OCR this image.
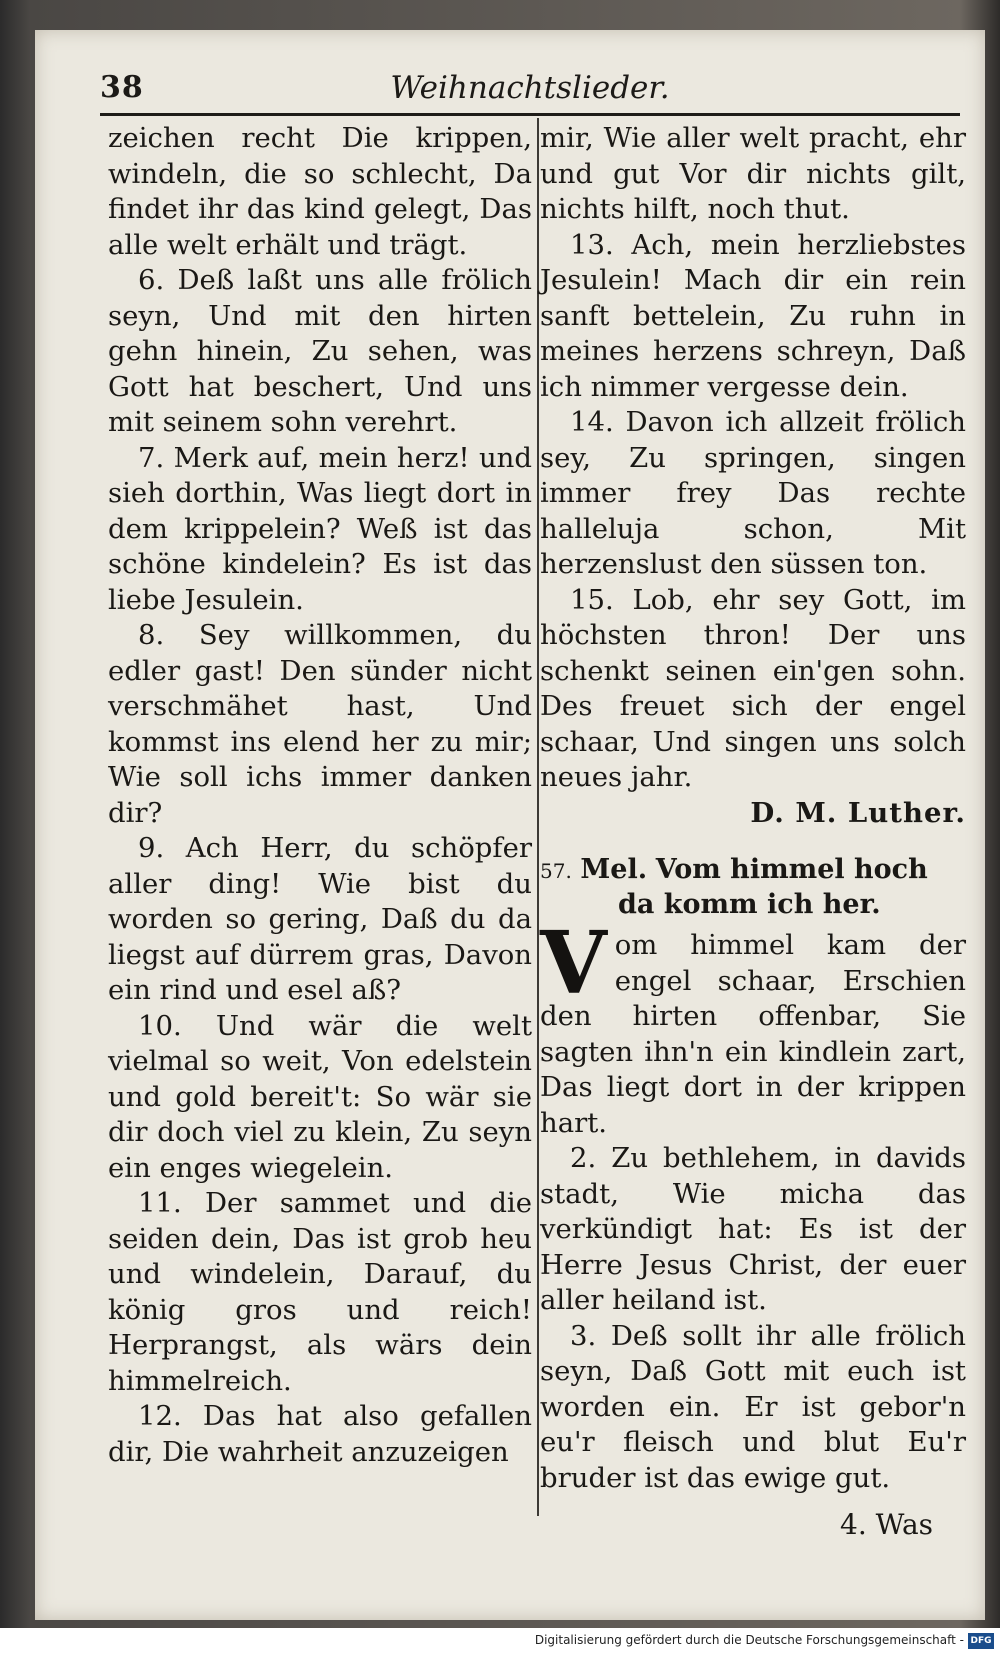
38	Weihnachtslieder.

zeichen recht Die krippen, windeln, die so schlecht, Da findet ihr das kind gelegt, Das alle welt erhält und trägt.

6. Deß laßt uns alle frölich seyn, Und mit den hirten gehn hinein, Zu sehen, was Gott hat beschert, Und uns mit seinem sohn verehrt.

7. Merk auf, mein herz! und sieh dorthin, Was liegt dort in dem krippelein? Weß ist das schöne kindelein? Es ist das liebe Jesulein.

8. Sey willkommen, du edler gast! Den sünder nicht verschmähet hast, Und kommst ins elend her zu mir; Wie soll ichs immer danken dir?

9. Ach Herr, du schöpfer aller ding! Wie bist du worden so gering, Daß du da liegst auf dürrem gras, Davon ein rind und esel aß?

10. Und wär die welt vielmal so weit, Von edelstein und gold bereit't: So wär sie dir doch viel zu klein, Zu seyn ein enges wiegelein.

11. Der sammet und die seiden dein, Das ist grob heu und windelein, Darauf, du könig gros und reich! Herprangst, als wärs dein himmelreich.

12. Das hat also gefallen dir, Die wahrheit anzuzeigen

mir, Wie aller welt pracht, ehr und gut Vor dir nichts gilt, nichts hilft, noch thut.

13. Ach, mein herzliebstes Jesulein! Mach dir ein rein sanft bettelein, Zu ruhn in meines herzens schreyn, Daß ich nimmer vergesse dein.

14. Davon ich allzeit frölich sey, Zu springen, singen immer frey Das rechte halleluja schon, Mit herzenslust den süssen ton.

15. Lob, ehr sey Gott, im höchsten thron! Der uns schenkt seinen ein'gen sohn. Des freuet sich der engel schaar, Und singen uns solch neues jahr.

D. M. Luther.
57. Mel. Vom himmel hoch
da komm ich her.

Vom himmel kam der engel schaar, Erschien den hirten offenbar, Sie sagten ihn'n ein kindlein zart, Das liegt dort in der krippen hart.

2. Zu bethlehem, in davids stadt, Wie micha das verkündigt hat: Es ist der Herre Jesus Christ, der euer aller heiland ist.

3. Deß sollt ihr alle frölich seyn, Daß Gott mit euch ist worden ein. Er ist gebor'n eu'r fleisch und blut Eu'r bruder ist das ewige gut.

4. Was
Digitalisierung gefördert durch die Deutsche Forschungsgemeinschaft - DFG
